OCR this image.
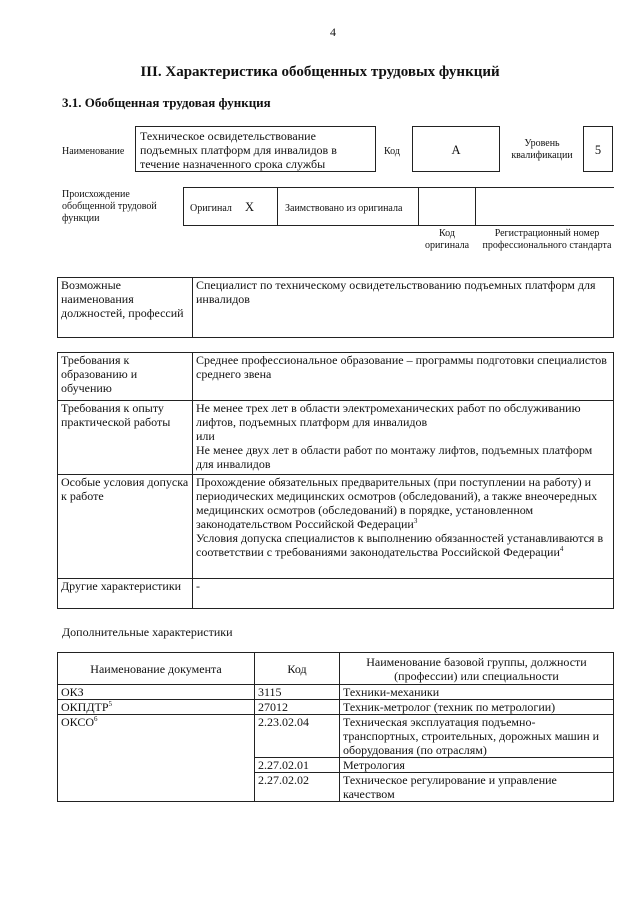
4
III. Характеристика обобщенных трудовых функций
3.1. Обобщенная трудовая функция
Наименование
Техническое освидетельствование подъемных платформ для инвалидов в течение назначенного срока службы
Код	А	Уровень квалификации	5
Происхождение обобщенной трудовой функции
Оригинал X	Заимствовано из оригинала
Код оригинала
Регистрационный номер профессионального стандарта
Возможные наименования должностей, профессий	Специалист по техническому освидетельствованию подъемных платформ для инвалидов
Требования к образованию и обучению	Среднее профессиональное образование – программы подготовки специалистов среднего звена
Требования к опыту практической работы	Не менее трех лет в области электромеханических работ по обслуживанию лифтов, подъемных платформ для инвалидов
или
Не менее двух лет в области работ по монтажу лифтов, подъемных платформ для инвалидов

Особые условия допуска к работе	Прохождение обязательных предварительных (при поступлении на работу) и периодических медицинских осмотров (обследований), а также внеочередных медицинских осмотров (обследований) в порядке, установленном законодательством Российской Федерации$^3$
Условия допуска специалистов к выполнению обязанностей устанавливаются в соответствии с требованиями законодательства Российской Федерации$^4$

Другие характеристики	-
Дополнительные характеристики
Наименование документа	Код	Наименование базовой группы, должности (профессии) или специальности
ОКЗ	3115	Техники-механики
ОКПДТР$^5$	27012	Техник-метролог (техник по метрологии)
ОКСО$^6$	2.23.02.04	Техническая эксплуатация подъемно-транспортных, строительных, дорожных машин и оборудования (по отраслям)
	2.27.02.01	Метрология
	2.27.02.02	Техническое регулирование и управление качеством
